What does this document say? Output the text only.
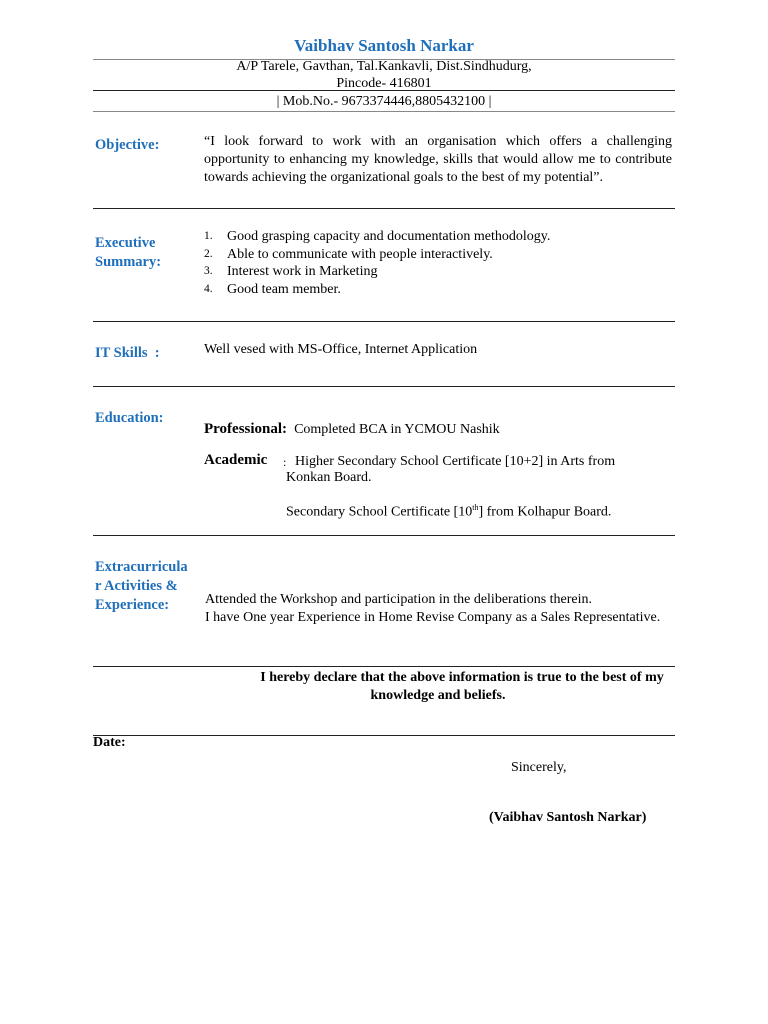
Vaibhav Santosh Narkar
A/P Tarele, Gavthan, Tal.Kankavli, Dist.Sindhudurg,
Pincode- 416801
| Mob.No.- 9673374446,8805432100 |
Objective:	“I look forward to work with an organisation which offers a challenging opportunity to enhancing my knowledge, skills that would allow me to contribute towards achieving the organizational goals to the best of my potential”.
Executive
Summary:
1.	Good grasping capacity and documentation methodology.
2.	Able to communicate with people interactively.
3.	Interest work in Marketing
4.	Good team member.
IT Skills  :	Well vesed with MS-Office, Internet Application
Education:
Professional: Completed BCA in YCMOU Nashik
Academic : Higher Secondary School Certificate [10+2] in Arts from
Konkan Board.
Secondary School Certificate [10th] from Kolhapur Board.
Extracurricula
r Activities &
Experience:	Attended the Workshop and participation in the deliberations therein.
I have One year Experience in Home Revise Company as a Sales Representative.
I hereby declare that the above information is true to the best of my
knowledge and beliefs.
Date:
Sincerely,
(Vaibhav Santosh Narkar)
